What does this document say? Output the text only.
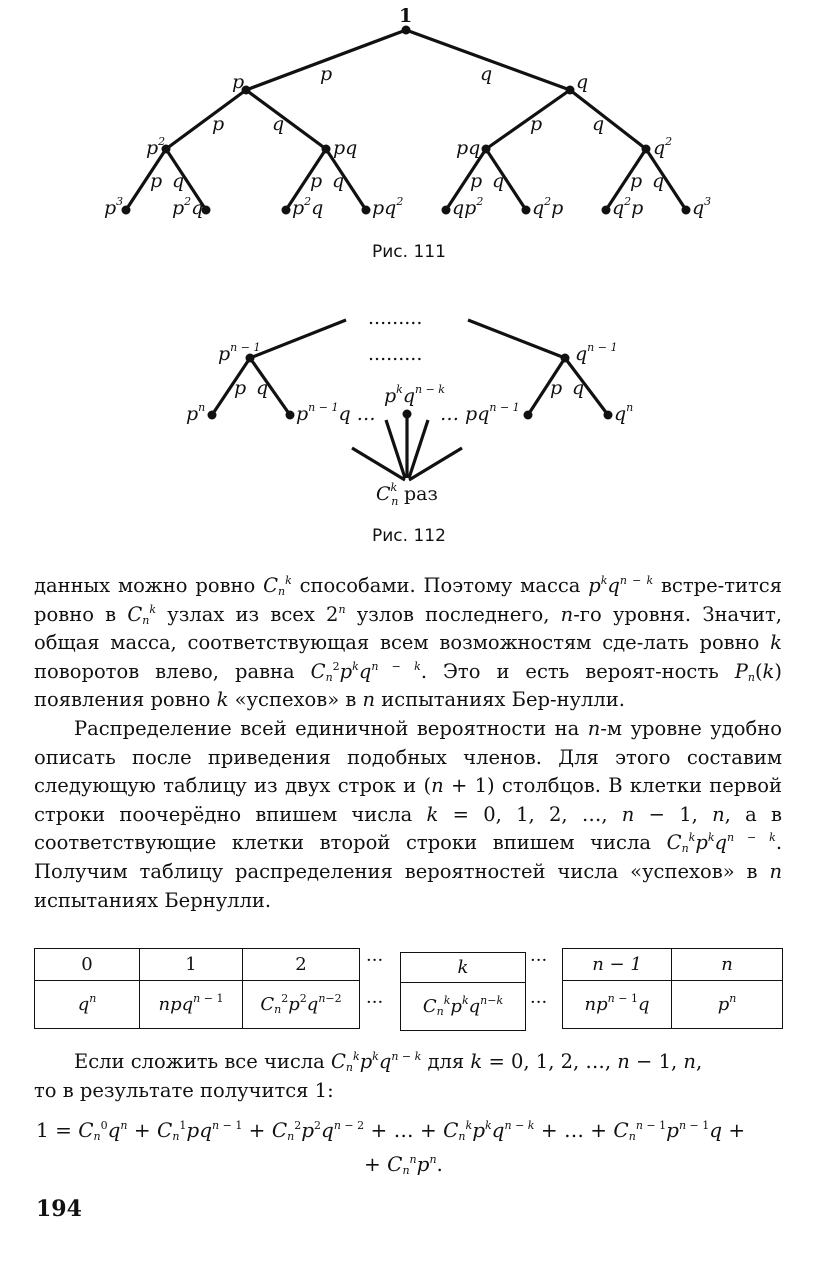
1
p	q
p	q
$p^2$	pq	pq	$q^2$
p	q	p	q
p q	p q	p q	p q
$p^3$	$p^2q$	$p^2q$	$pq^2$	$qp^2$	$q^2p$	$q^2p$	$q^3$
Рис. 111
.........
.........
$p^{n - 1}$	$q^{n - 1}$
p q	p q
$p^n$	$p^{n - 1}q$ …
$p^kq^{n - k}$
… $pq^{n - 1}$	$q^n$
$C^k$ n раз
Рис. 112

данных можно ровно $C_n^k$ способами. Поэтому масса $p^kq^{n - k}$ встре-тится ровно в $C_n^k$ узлах из всех 2$^n$ узлов последнего, n-го уровня. Значит, общая масса, соответствующая всем возможностям сде-лать ровно k поворотов влево, равна $C_n^2p^kq^{n - k}$. Это и есть вероят-ность $P_n(k)$ появления ровно k «успехов» в n испытаниях Бер-нулли.

Распределение всей единичной вероятности на n-м уровне удобно описать после приведения подобных членов. Для этого составим следующую таблицу из двух строк и (n + 1) столбцов. В клетки первой строки поочерёдно впишем числа k = 0, 1, 2, …, n − 1, n, а в соответствующие клетки второй строки впишем числа $C_n^kp^kq^{n - k}$. Получим таблицу распределения вероятностей числа «успехов» в n испытаниях Бернулли.

0	1	2
$q^n$	npq$^{n - 1}$	$C_n^2p^2q^{n-2}$
···
···
k
$C_n^kp^kq^{n-k}$
···
···
n − 1	n
$np^{n - 1}q$	$p^n$

Если сложить все числа $C_n^kp^kq^{n - k}$ для k = 0, 1, 2, …, n − 1, n,

то в результате получится 1:

$1 = C_n^0q^n + C_n^1pq^{n - 1} + C_n^2p^2q^{n - 2}$ + … + $C_n^kp^kq^{n - k}$ + … + $C_n^{n - 1}p^{n - 1}q$ +
+ $C_n^np^n$.
194
